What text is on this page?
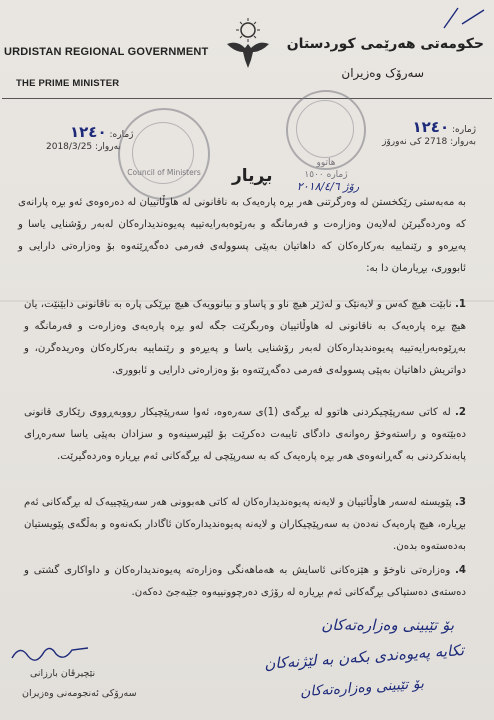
URDISTAN REGIONAL GOVERNMENT
THE PRIME MINISTER
حکومەتی هەرێمی کوردستان
سەرۆک وەزیران
ژمارە: ١٢٤٠
بەروار: 2018/3/25
ژمارە: ١٢٤٠
بەروار: 2718 کی نەورۆز
Council of Ministers
هاتوو
ژمارە ١٥٠٠
رۆژ ٢٠١٨/٤/٦
بڕیار
بە مەبەستی رێکخستن لە وەرگرتنی هەر بڕە پارەیەک بە ناقانونی لە هاوڵاتییان لە دەرەوەی ئەو بڕە پارانەی کە وەردەگیرێن لەلایەن وەزارەت و فەرمانگە و بەرێوەبەرایەتییە پەیوەندیدارەکان لەبەر رۆشنایی یاسا و پەیڕەو و رێنماییە بەرکارەکان کە داهاتیان بەپێی پسوولەی فەرمی دەگەڕێتەوە بۆ وەزارەتی دارایی و ئابووری، بڕیارمان دا بە:
1. نابێت هیچ کەس و لایەنێک و لەژێر هیچ ناو و پاساو و بیانوویەک هیچ بڕێکی پارە بە ناقانونی دابێنێت، یان هیچ بڕە پارەیەک بە ناقانونی لە هاوڵاتییان وەربگرێت جگە لەو بڕە پارەیەی وەزارەت و فەرمانگە و بەڕێوەبەرایەتییە پەیوەندیدارەکان لەبەر رۆشنایی یاسا و پەیڕەو و رێنماییە بەرکارەکان وەریدەگرن، و دواتریش داهاتیان بەپێی پسوولەی فەرمی دەگەڕێتەوە بۆ وەزارەتی دارایی و ئابووری.
2. لە کاتی سەرپێچیکردنی هاتوو لە بڕگەی (1)ی سەرەوە، ئەوا سەرپێچیکار رووبەڕووی رێکاری قانونی دەبێتەوە و راستەوخۆ رەوانەی دادگای تایبەت دەکرێت بۆ لێپرسینەوە و سزادان بەپێی یاسا سەرەڕای پابەندکردنی بە گەڕانەوەی هەر بڕە پارەیەک کە بە سەرپێچی لە بڕگەکانی ئەم بڕیارە وەردەگیرێت.
3. پێویستە لەسەر هاوڵاتییان و لایەنە پەیوەندیدارەکان لە کاتی هەبوونی هەر سەرپێچییەک لە بڕگەکانی ئەم بڕیارە، هیچ پارەیەک نەدەن بە سەرپێچیکاران و لایەنە پەیوەندیدارەکان ئاگادار بکەنەوە و بەڵگەی پێویستیان بەدەستەوە بدەن.
4. وەزارەتی ناوخۆ و هێزەکانی ئاسایش بە هەماهەنگی وەزارەتە پەیوەندیدارەکان و داواکاری گشتی و دەستەی دەستپاکی بڕگەکانی ئەم بڕیارە لە رۆژی دەرچوونییەوە جێبەجێ دەکەن.
بۆ تێبینی وەزارەتەکان
تکایە پەیوەندی بکەن بە لێژنەکان
بۆ تێبینی وەزارەتەکان
نێچیرڤان بارزانی
سەرۆکی ئەنجومەنی وەزیران
